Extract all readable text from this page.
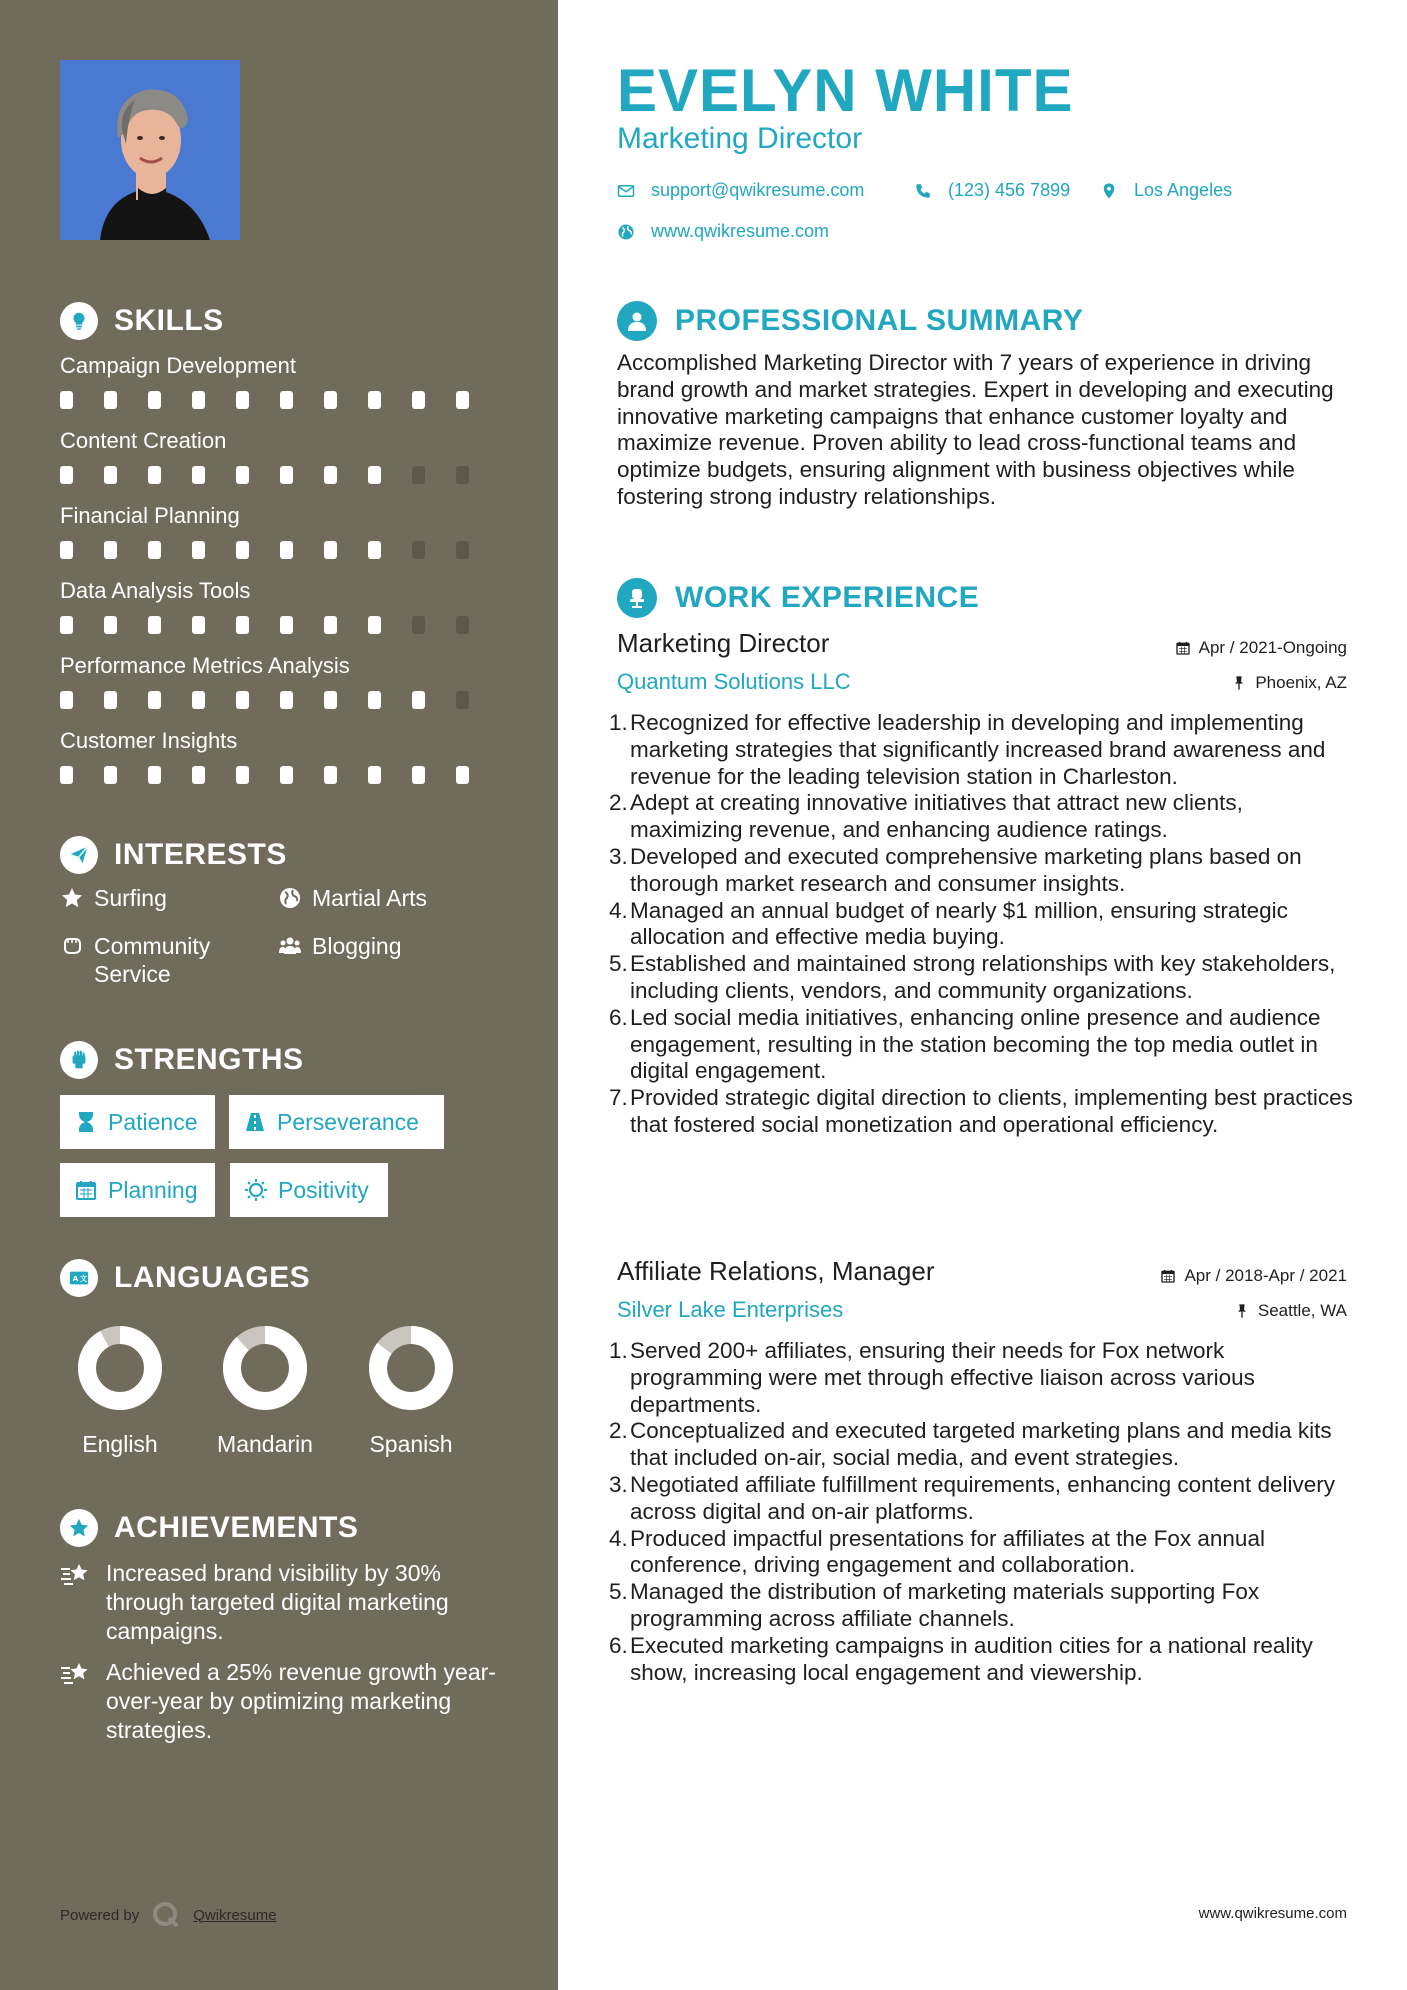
SKILLS
Campaign Development
Content Creation
Financial Planning
Data Analysis Tools
Performance Metrics Analysis
Customer Insights
INTERESTS
Surfing	Martial Arts
Community Service
Blogging
STRENGTHS
Patience	Perseverance
Planning	Positivity
A 文 LANGUAGES
English	Mandarin	Spanish
ACHIEVEMENTS
Increased brand visibility by 30% through targeted digital marketing campaigns.
Achieved a 25% revenue growth year-over-year by optimizing marketing strategies.
Powered by	Qwikresume
EVELYN WHITE
Marketing Director
support@qwikresume.com	(123) 456 7899	Los Angeles
www.qwikresume.com
PROFESSIONAL SUMMARY
Accomplished Marketing Director with 7 years of experience in driving brand growth and market strategies. Expert in developing and executing innovative marketing campaigns that enhance customer loyalty and maximize revenue. Proven ability to lead cross-functional teams and optimize budgets, ensuring alignment with business objectives while fostering strong industry relationships.
WORK EXPERIENCE
Marketing Director	Apr / 2021-Ongoing
Quantum Solutions LLC	Phoenix, AZ
1. Recognized for effective leadership in developing and implementing marketing strategies that significantly increased brand awareness and revenue for the leading television station in Charleston.
2. Adept at creating innovative initiatives that attract new clients, maximizing revenue, and enhancing audience ratings.
3. Developed and executed comprehensive marketing plans based on thorough market research and consumer insights.
4. Managed an annual budget of nearly $1 million, ensuring strategic allocation and effective media buying.
5. Established and maintained strong relationships with key stakeholders, including clients, vendors, and community organizations.
6. Led social media initiatives, enhancing online presence and audience engagement, resulting in the station becoming the top media outlet in digital engagement.
7. Provided strategic digital direction to clients, implementing best practices that fostered social monetization and operational efficiency.
Affiliate Relations, Manager	Apr / 2018-Apr / 2021
Silver Lake Enterprises	Seattle, WA
1. Served 200+ affiliates, ensuring their needs for Fox network programming were met through effective liaison across various departments.
2. Conceptualized and executed targeted marketing plans and media kits that included on-air, social media, and event strategies.
3. Negotiated affiliate fulfillment requirements, enhancing content delivery across digital and on-air platforms.
4. Produced impactful presentations for affiliates at the Fox annual conference, driving engagement and collaboration.
5. Managed the distribution of marketing materials supporting Fox programming across affiliate channels.
6. Executed marketing campaigns in audition cities for a national reality show, increasing local engagement and viewership.
www.qwikresume.com
